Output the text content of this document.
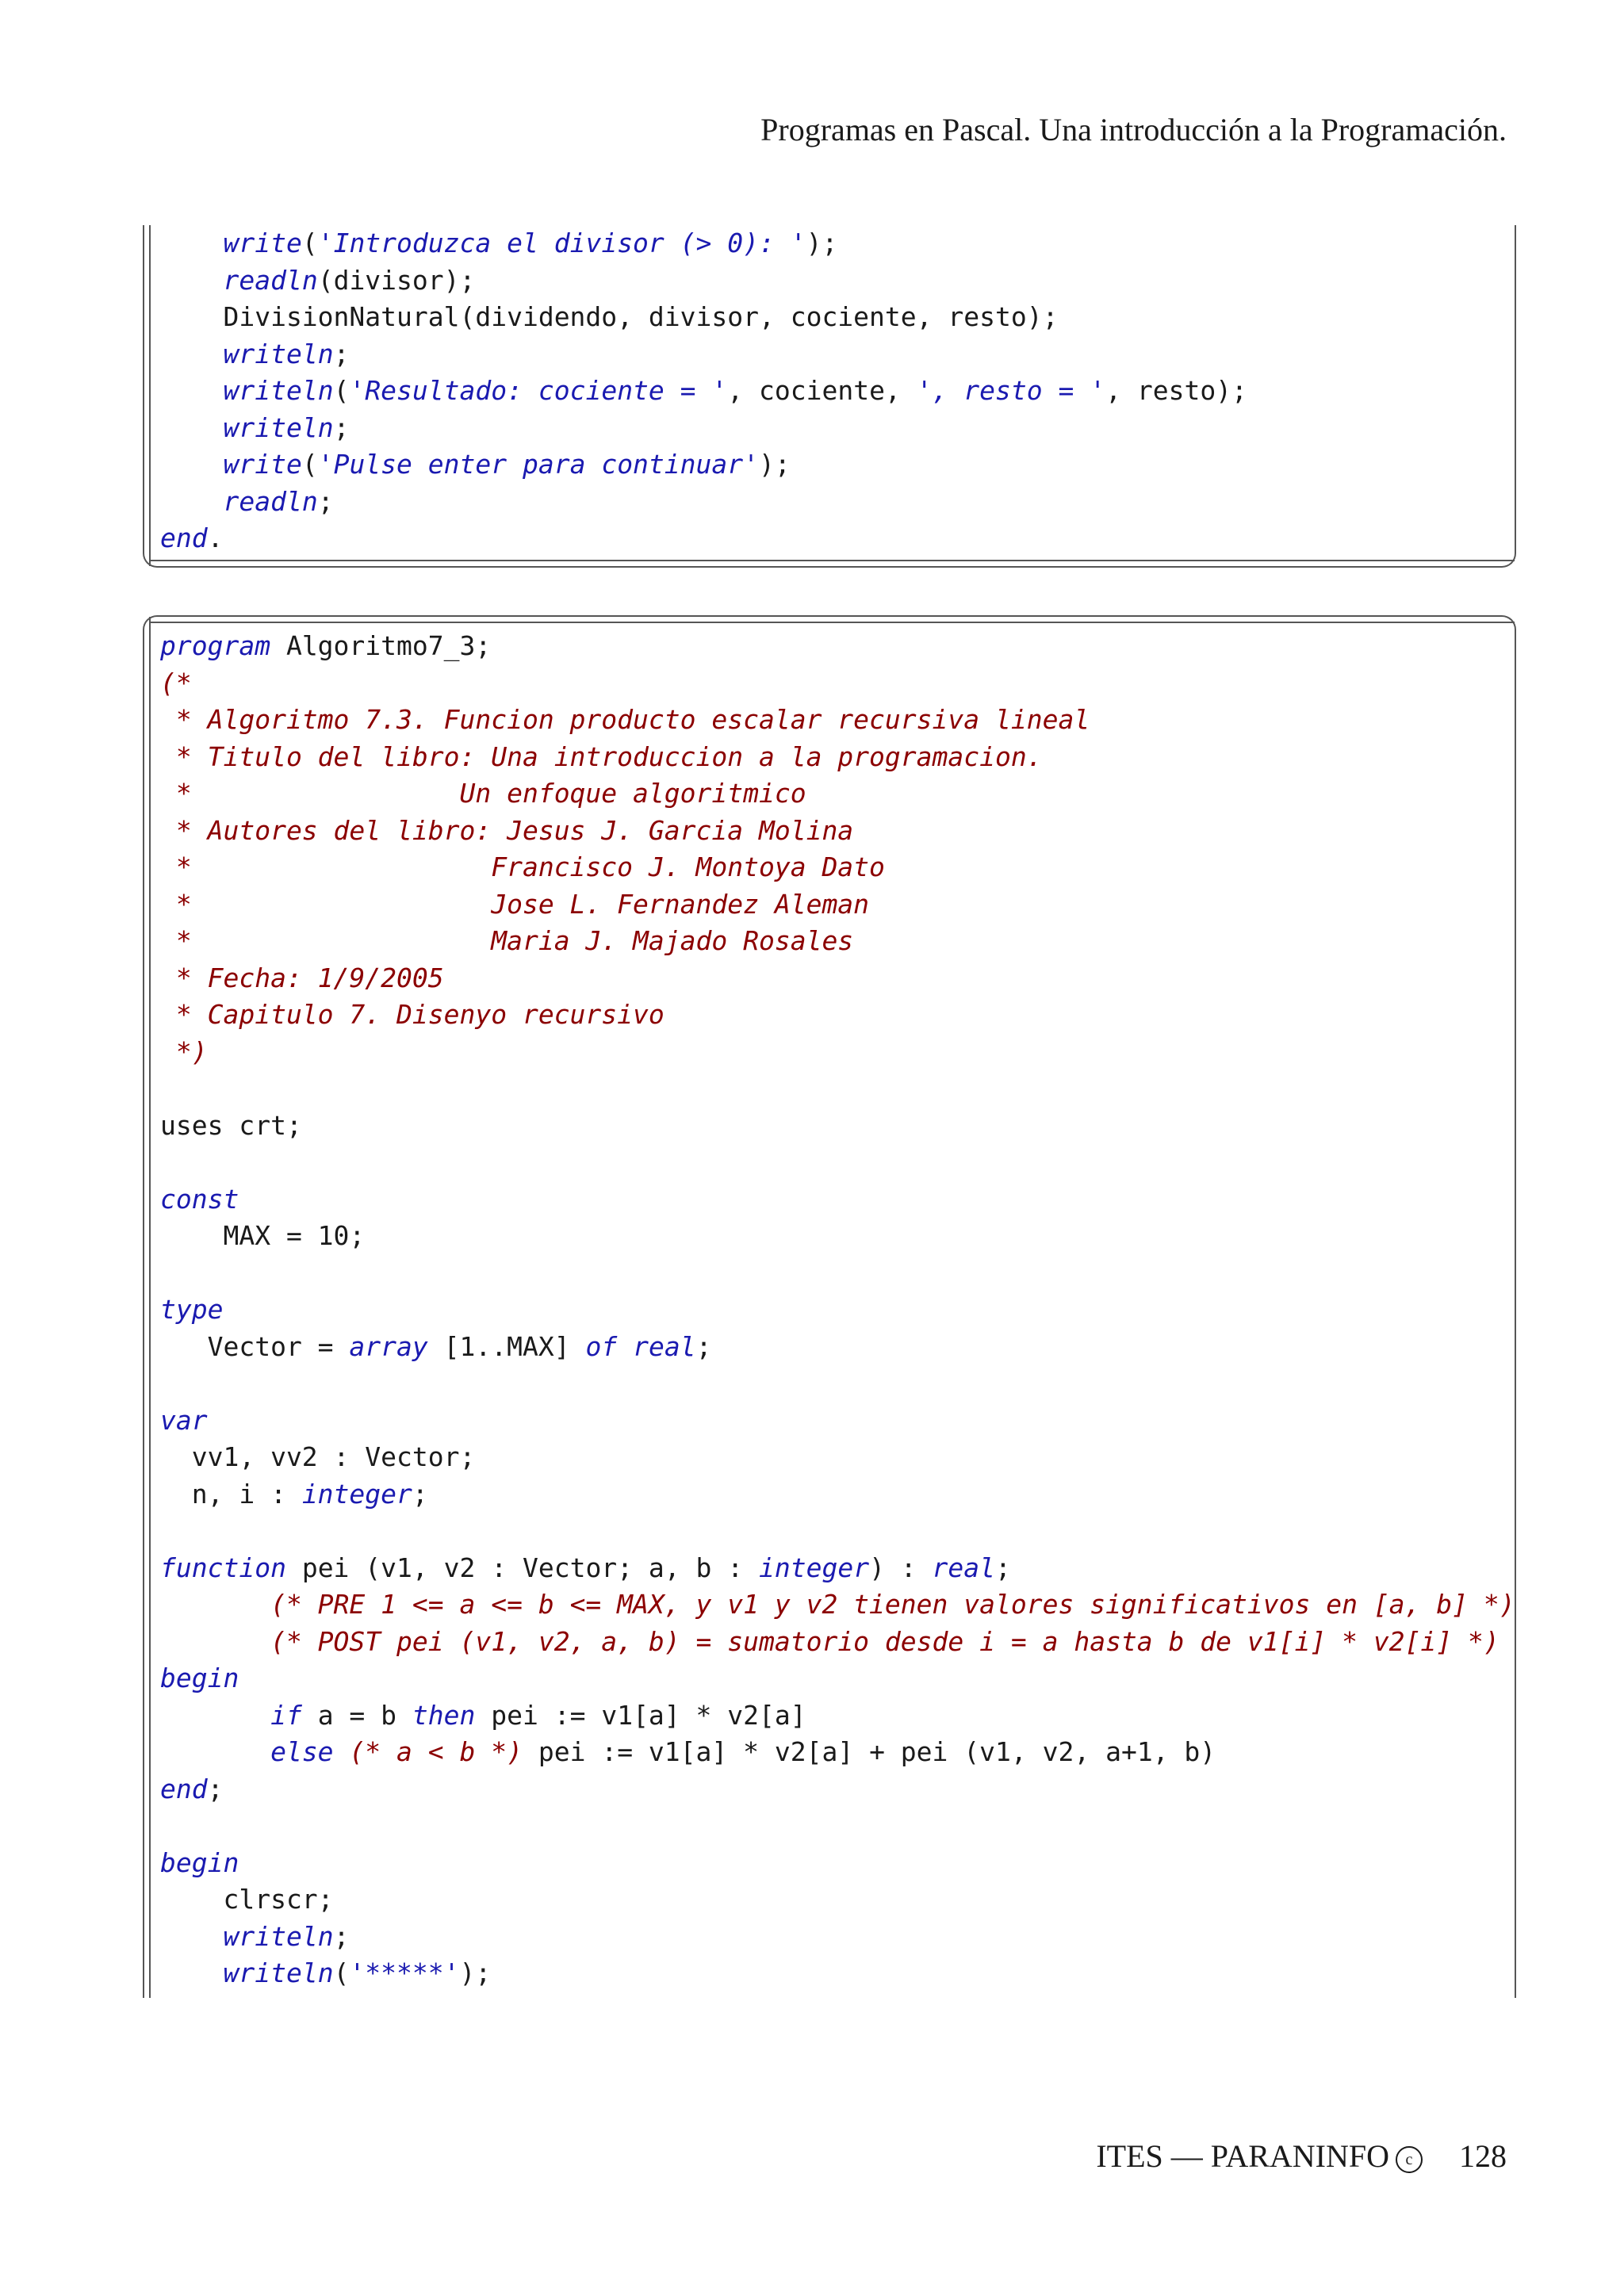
Programas en Pascal. Una introducción a la Programación.
write('Introduzca el divisor (> 0): ');
readln(divisor);
DivisionNatural(dividendo, divisor, cociente, resto);
writeln;
writeln('Resultado: cociente = ', cociente, ', resto = ', resto);
writeln;
write('Pulse enter para continuar');
readln;
end.
program Algoritmo7_3;
(*
* Algoritmo 7.3. Funcion producto escalar recursiva lineal
* Titulo del libro: Una introduccion a la programacion.
*                 Un enfoque algoritmico
* Autores del libro: Jesus J. Garcia Molina
*                   Francisco J. Montoya Dato
*                   Jose L. Fernandez Aleman
*                   Maria J. Majado Rosales
* Fecha: 1/9/2005
* Capitulo 7. Disenyo recursivo
*)
uses crt;
const
MAX = 10;
type
Vector = array [1..MAX] of real;
var
vv1, vv2 : Vector;
n, i : integer;
function pei (v1, v2 : Vector; a, b : integer) : real;
(* PRE 1 <= a <= b <= MAX, y v1 y v2 tienen valores significativos en [a, b] *)
(* POST pei (v1, v2, a, b) = sumatorio desde i = a hasta b de v1[i] * v2[i] *)
begin
if a = b then pei := v1[a] * v2[a]
else (* a < b *) pei := v1[a] * v2[a] + pei (v1, v2, a+1, b)
end;
begin
clrscr;
writeln;
writeln('*****');
ITES — PARANINFO c 128
